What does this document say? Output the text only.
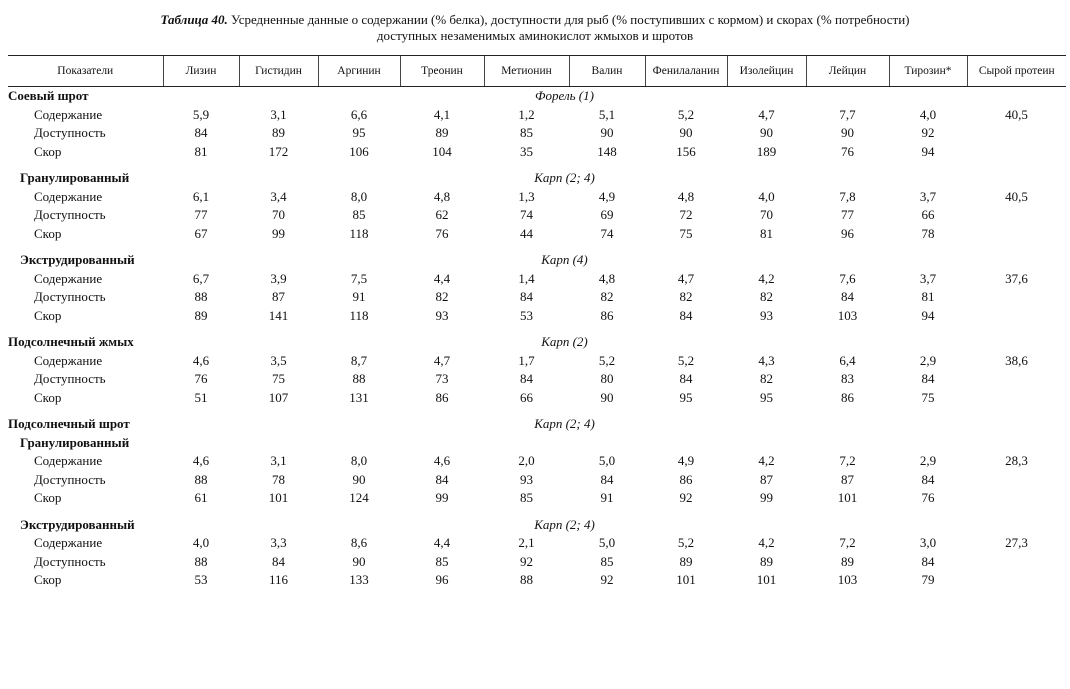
Таблица 40. Усредненные данные о содержании (% белка), доступности для рыб (% поступивших с кормом) и скорах (% потребности)
доступных незаменимых аминокислот жмыхов и шротов
Показатели	Лизин	Гистидин	Аргинин	Треонин	Метионин	Валин	Фенилаланин	Изолейцин	Лейцин	Тирозин*	Сырой протеин
Соевый шрот					Форель (1)						
Содержание	5,9	3,1	6,6	4,1	1,2	5,1	5,2	4,7	7,7	4,0	40,5
Доступность	84	89	95	89	85	90	90	90	90	92	
Скор	81	172	106	104	35	148	156	189	76	94	

Гранулированный					Карп (2; 4)						
Содержание	6,1	3,4	8,0	4,8	1,3	4,9	4,8	4,0	7,8	3,7	40,5
Доступность	77	70	85	62	74	69	72	70	77	66	
Скор	67	99	118	76	44	74	75	81	96	78	

Экструдированный					Карп (4)						
Содержание	6,7	3,9	7,5	4,4	1,4	4,8	4,7	4,2	7,6	3,7	37,6
Доступность	88	87	91	82	84	82	82	82	84	81	
Скор	89	141	118	93	53	86	84	93	103	94	

Подсолнечный жмых					Карп (2)						
Содержание	4,6	3,5	8,7	4,7	1,7	5,2	5,2	4,3	6,4	2,9	38,6
Доступность	76	75	88	73	84	80	84	82	83	84	
Скор	51	107	131	86	66	90	95	95	86	75	

Подсолнечный шрот					Карп (2; 4)						
Гранулированный											
Содержание	4,6	3,1	8,0	4,6	2,0	5,0	4,9	4,2	7,2	2,9	28,3
Доступность	88	78	90	84	93	84	86	87	87	84	
Скор	61	101	124	99	85	91	92	99	101	76	

Экструдированный					Карп (2; 4)						
Содержание	4,0	3,3	8,6	4,4	2,1	5,0	5,2	4,2	7,2	3,0	27,3
Доступность	88	84	90	85	92	85	89	89	89	84	
Скор	53	116	133	96	88	92	101	101	103	79	
